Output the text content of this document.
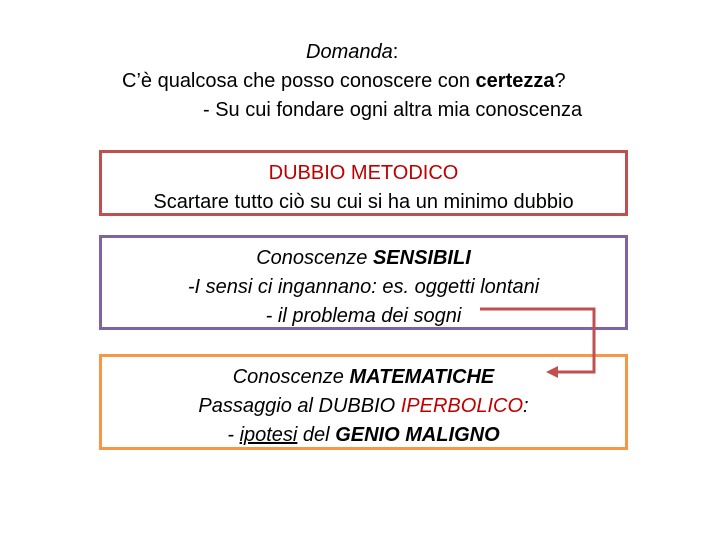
Domanda:
C’è qualcosa che posso conoscere con certezza?
- Su cui fondare ogni altra mia conoscenza
DUBBIO METODICO
Scartare tutto ciò su cui si ha un minimo dubbio
Conoscenze SENSIBILI
-I sensi ci ingannano: es. oggetti lontani
- il problema dei sogni
Conoscenze MATEMATICHE
Passaggio al DUBBIO IPERBOLICO:
- ipotesi del GENIO MALIGNO
